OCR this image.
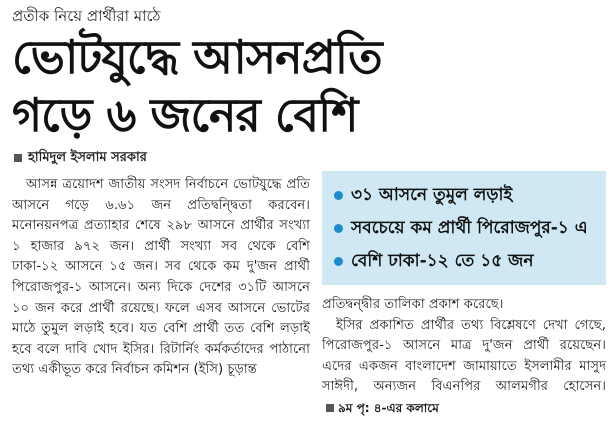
প্রতীক নিয়ে প্রার্থীরা মাঠে
ভোটযুদ্ধে আসনপ্রতি
গড়ে ৬ জনের বেশি
হামিদুল ইসলাম সরকার

আসন্ন ত্রয়োদশ জাতীয় সংসদ নির্বাচনে ভোটযুদ্ধে প্রতি আসনে গড়ে ৬.৬১ জন প্রতিদ্বন্দ্বিতা করবেন। মনোনয়নপত্র প্রত্যাহার শেষে ২৯৮ আসনে প্রার্থীর সংখ্যা ১ হাজার ৯৭২ জন। প্রার্থী সংখ্যা সব থেকে বেশি ঢাকা-১২ আসনে ১৫ জন। সব থেকে কম দু'জন প্রার্থী পিরোজপুর-১ আসনে। অন্য দিকে দেশের ৩১টি আসনে ১০ জন করে প্রার্থী রয়েছে। ফলে এসব আসনে ভোটের মাঠে তুমুল লড়াই হবে। যত বেশি প্রার্থী তত বেশি লড়াই হবে বলে দাবি খোদ ইসির। রিটার্নিং কর্মকর্তাদের পাঠানো তথ্য একীভূত করে নির্বাচন কমিশন (ইসি) চূড়ান্ত

৩১ আসনে তুমুল লড়াই
সবচেয়ে কম প্রার্থী পিরোজপুর-১ এ
বেশি ঢাকা-১২ তে ১৫ জন

প্রতিদ্বন্দ্বীর তালিকা প্রকাশ করেছে।

ইসির প্রকাশিত প্রার্থীর তথ্য বিশ্লেষণে দেখা গেছে, পিরোজপুর-১ আসনে মাত্র দু'জন প্রার্থী রয়েছেন। এদের একজন বাংলাদেশ জামায়াতে ইসলামীর মাসুদ সাঈদী, অন্যজন বিএনপির আলমগীর হোসেন।৯ম পৃ: ৪-এর কলামে
